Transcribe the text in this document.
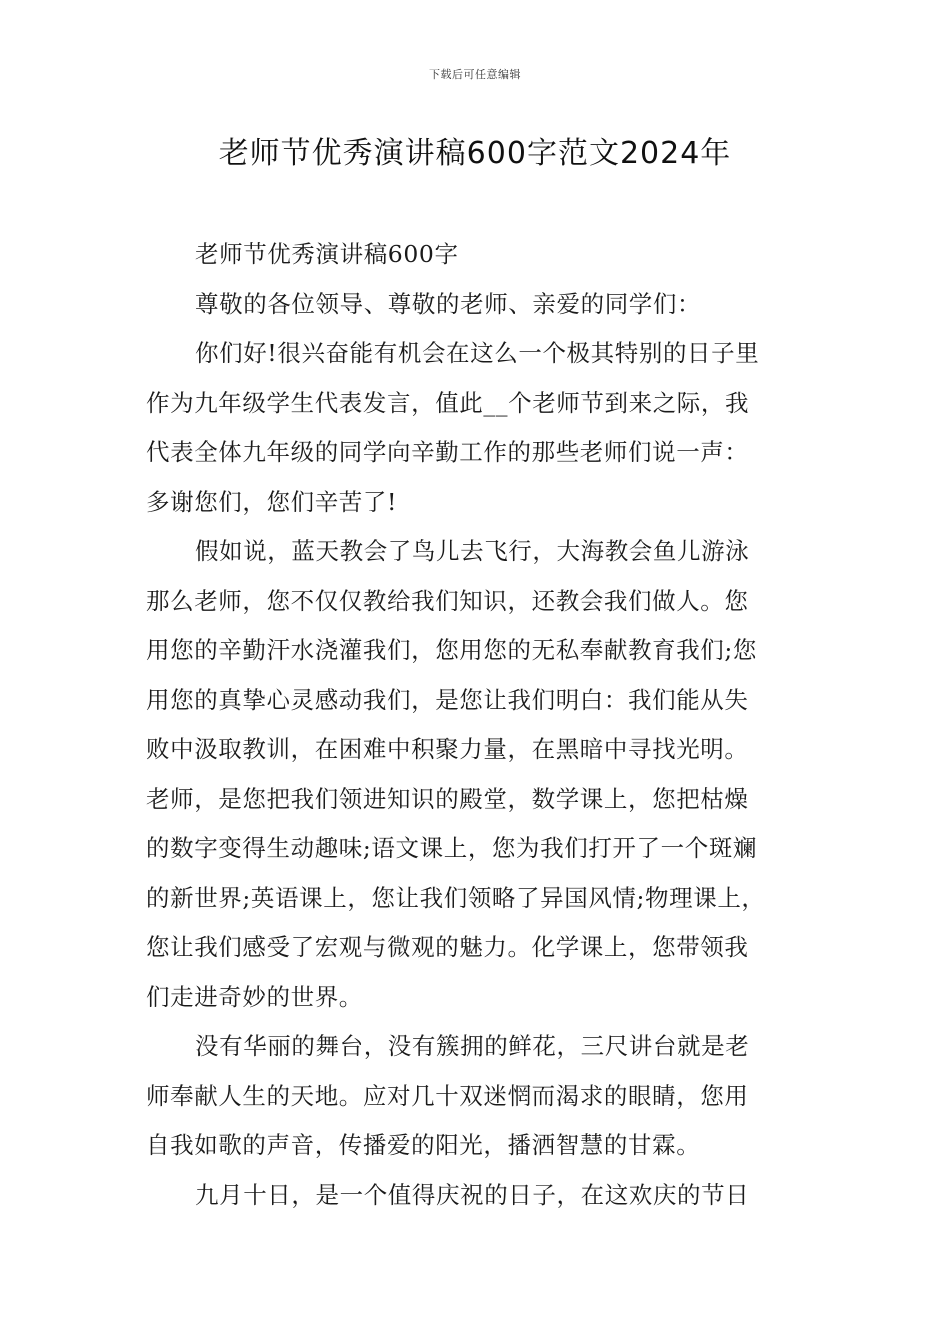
下载后可任意编辑
老师节优秀演讲稿600字范文2024年
老师节优秀演讲稿600字
尊敬的各位领导、尊敬的老师、亲爱的同学们：
你们好!很兴奋能有机会在这么一个极其特别的日子里
作为九年级学生代表发言，值此__个老师节到来之际，我
代表全体九年级的同学向辛勤工作的那些老师们说一声：
多谢您们，您们辛苦了!
假如说，蓝天教会了鸟儿去飞行，大海教会鱼儿游泳
那么老师，您不仅仅教给我们知识，还教会我们做人。您
用您的辛勤汗水浇灌我们，您用您的无私奉献教育我们;您
用您的真挚心灵感动我们，是您让我们明白：我们能从失
败中汲取教训，在困难中积聚力量，在黑暗中寻找光明。
老师，是您把我们领进知识的殿堂，数学课上，您把枯燥
的数字变得生动趣味;语文课上，您为我们打开了一个斑斓
的新世界;英语课上，您让我们领略了异国风情;物理课上，
您让我们感受了宏观与微观的魅力。化学课上，您带领我
们走进奇妙的世界。
没有华丽的舞台，没有簇拥的鲜花，三尺讲台就是老
师奉献人生的天地。应对几十双迷惘而渴求的眼睛，您用
自我如歌的声音，传播爱的阳光，播洒智慧的甘霖。
九月十日，是一个值得庆祝的日子，在这欢庆的节日
